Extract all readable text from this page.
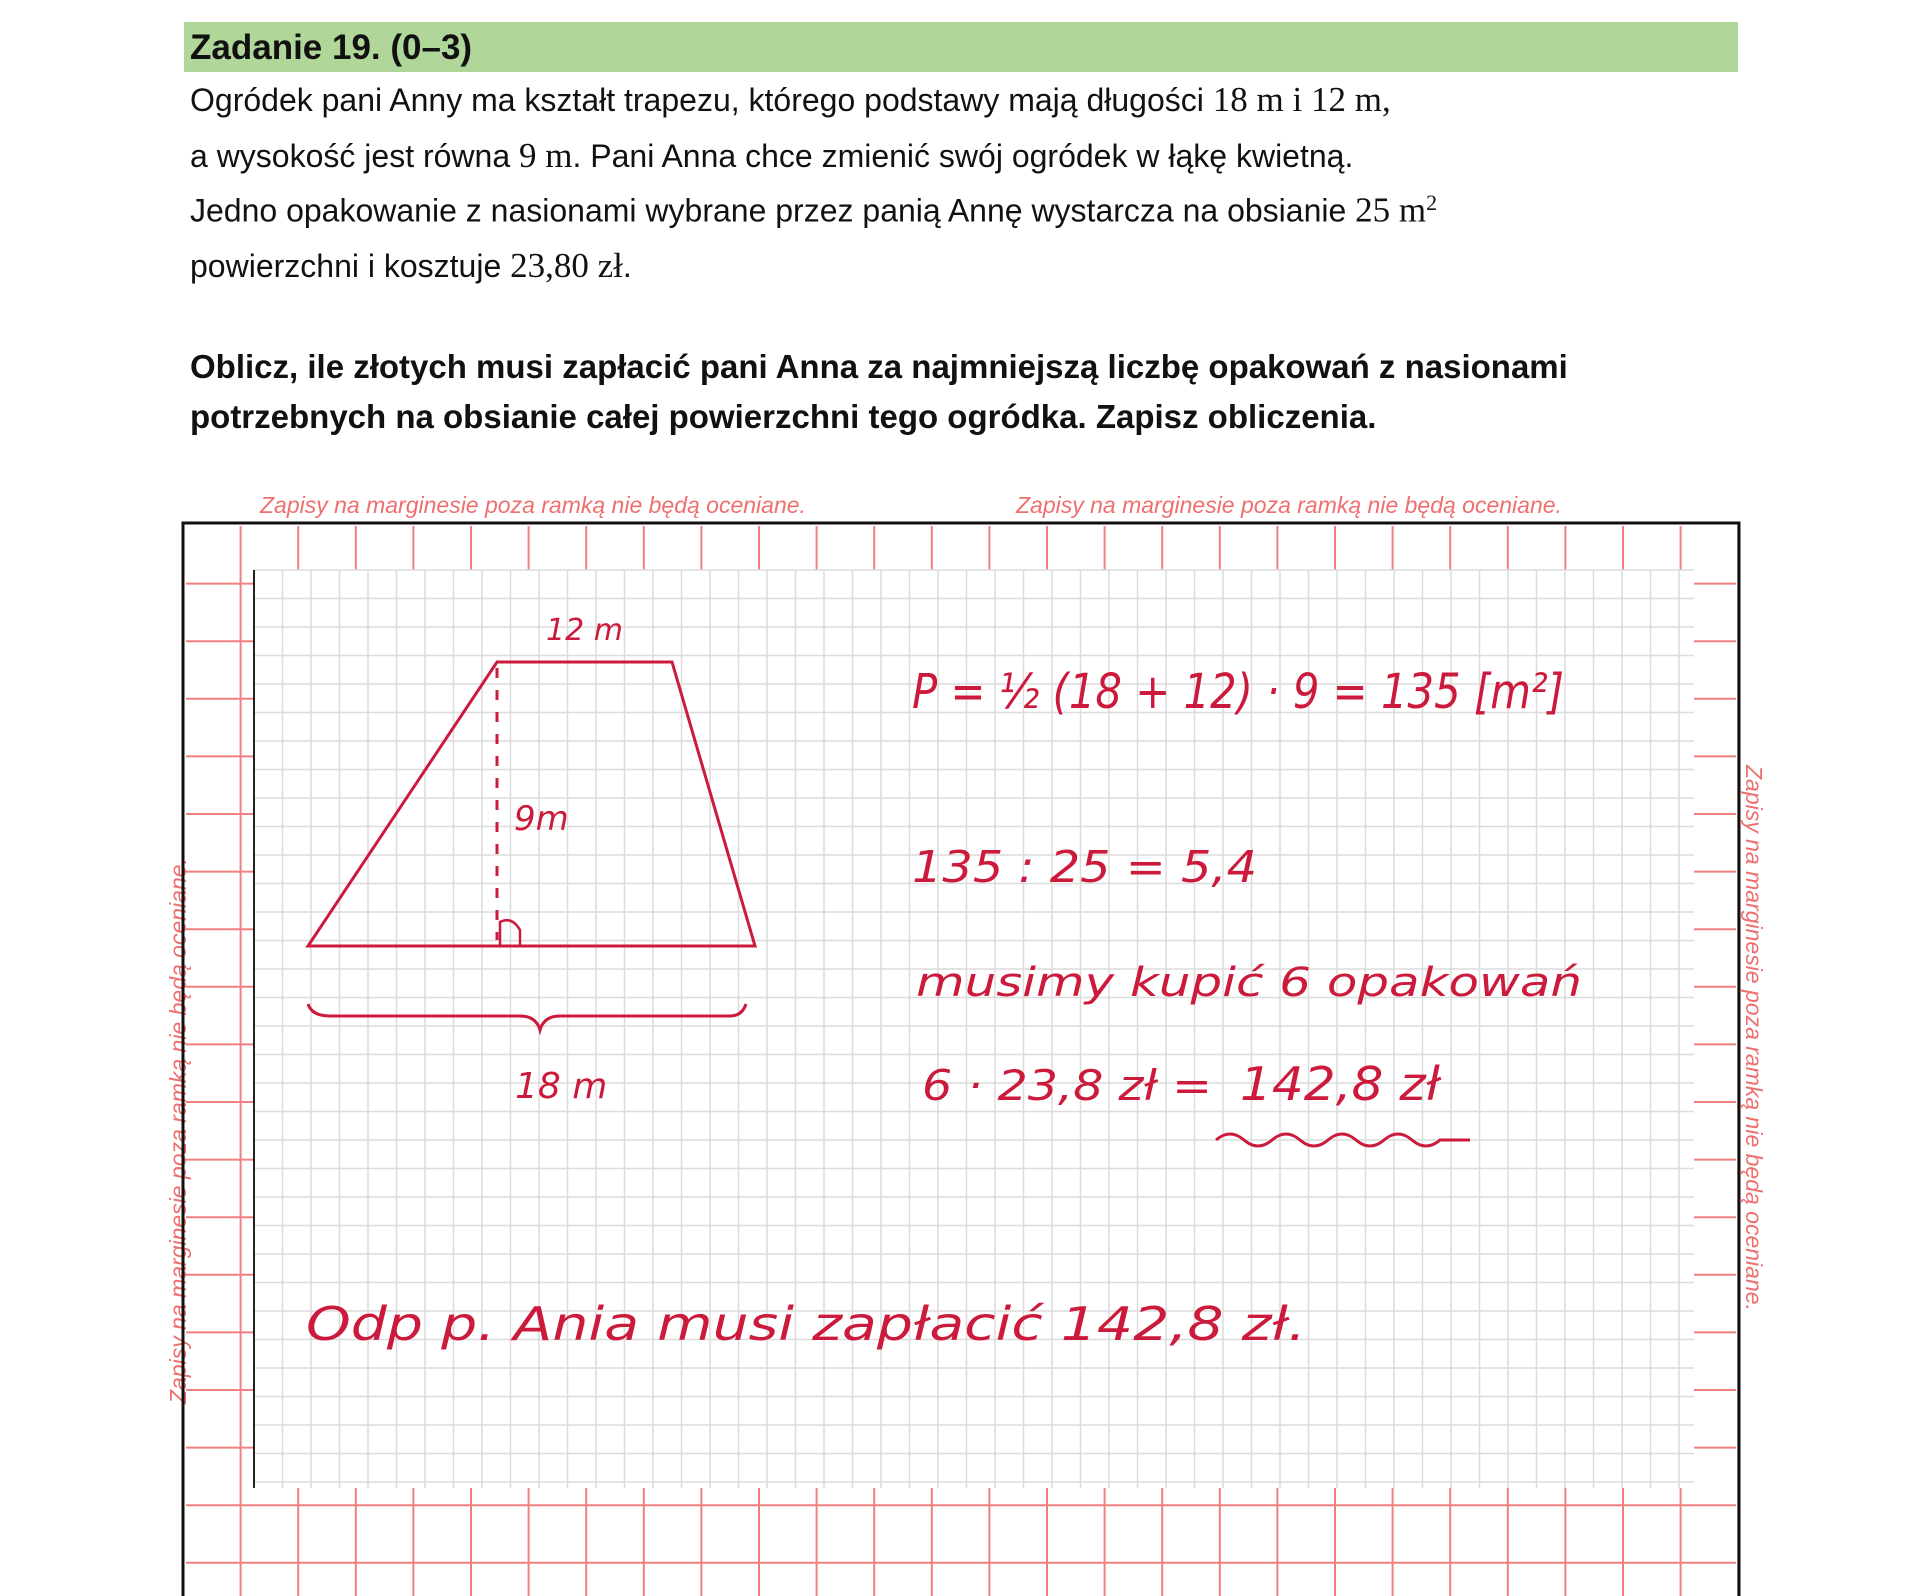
Zadanie 19. (0–3)
Ogródek pani Anny ma kształt trapezu, którego podstawy mają długości 18 m i 12 m,
a wysokość jest równa 9 m. Pani Anna chce zmienić swój ogródek w łąkę kwietną.
Jedno opakowanie z nasionami wybrane przez panią Annę wystarcza na obsianie 25 $m^2$
powierzchni i kosztuje 23,80 zł.
Oblicz, ile złotych musi zapłacić pani Anna za najmniejszą liczbę opakowań z nasionami
potrzebnych na obsianie całej powierzchni tego ogródka. Zapisz obliczenia.
Zapisy na marginesie poza ramką nie będą oceniane.	Zapisy na marginesie poza ramką nie będą oceniane.
Zapisy na marginesie poza ramką nie będą oceniane.	Zapisy na marginesie poza ramką nie będą oceniane.
12 m
9m
18 m
P = ½ (18 + 12) · 9 = 135 [m²]
135 : 25 = 5,4
musimy kupić 6 opakowań
6 · 23,8 zł = 142,8 zł
Odp p. Ania musi zapłacić 142,8 zł.
